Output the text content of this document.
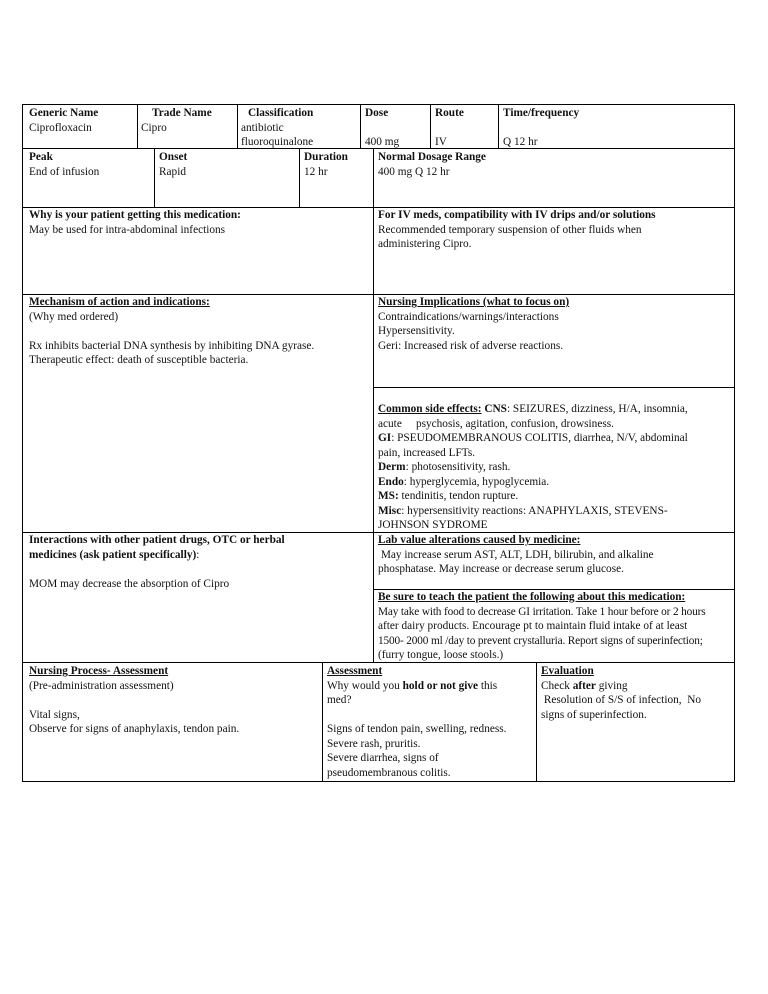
Generic Name
Ciprofloxacin
Trade Name
Cipro
Classification
antibiotic
fluoroquinalone
Dose
400 mg
Route
IV
Time/frequency
Q 12 hr
Peak
End of infusion
Onset
Rapid
Duration
12 hr
Normal Dosage Range
400 mg Q 12 hr
Why is your patient getting this medication:
May be used for intra-abdominal infections
For IV meds, compatibility with IV drips and/or solutions
Recommended temporary suspension of other fluids when
administering Cipro.
Mechanism of action and indications:
(Why med ordered)
Rx inhibits bacterial DNA synthesis by inhibiting DNA gyrase.
Therapeutic effect: death of susceptible bacteria.
Nursing Implications (what to focus on)
Contraindications/warnings/interactions
Hypersensitivity.
Geri: Increased risk of adverse reactions.
Common side effects: CNS: SEIZURES, dizziness, H/A, insomnia,
acute     psychosis, agitation, confusion, drowsiness.
GI: PSEUDOMEMBRANOUS COLITIS, diarrhea, N/V, abdominal
pain, increased LFTs.
Derm: photosensitivity, rash.
Endo: hyperglycemia, hypoglycemia.
MS: tendinitis, tendon rupture.
Misc: hypersensitivity reactions: ANAPHYLAXIS, STEVENS-
JOHNSON SYDROME
Interactions with other patient drugs, OTC or herbal
medicines (ask patient specifically):
MOM may decrease the absorption of Cipro
Lab value alterations caused by medicine:
May increase serum AST, ALT, LDH, bilirubin, and alkaline
phosphatase. May increase or decrease serum glucose.
Be sure to teach the patient the following about this medication:
May take with food to decrease GI irritation. Take 1 hour before or 2 hours
after dairy products. Encourage pt to maintain fluid intake of at least
1500- 2000 ml /day to prevent crystalluria. Report signs of superinfection;
(furry tongue, loose stools.)
Nursing Process- Assessment
(Pre-administration assessment)
Vital signs,
Observe for signs of anaphylaxis, tendon pain.
Assessment
Why would you hold or not give this
med?
Signs of tendon pain, swelling, redness.
Severe rash, pruritis.
Severe diarrhea, signs of
pseudomembranous colitis.
Evaluation
Check after giving
Resolution of S/S of infection,  No
signs of superinfection.
